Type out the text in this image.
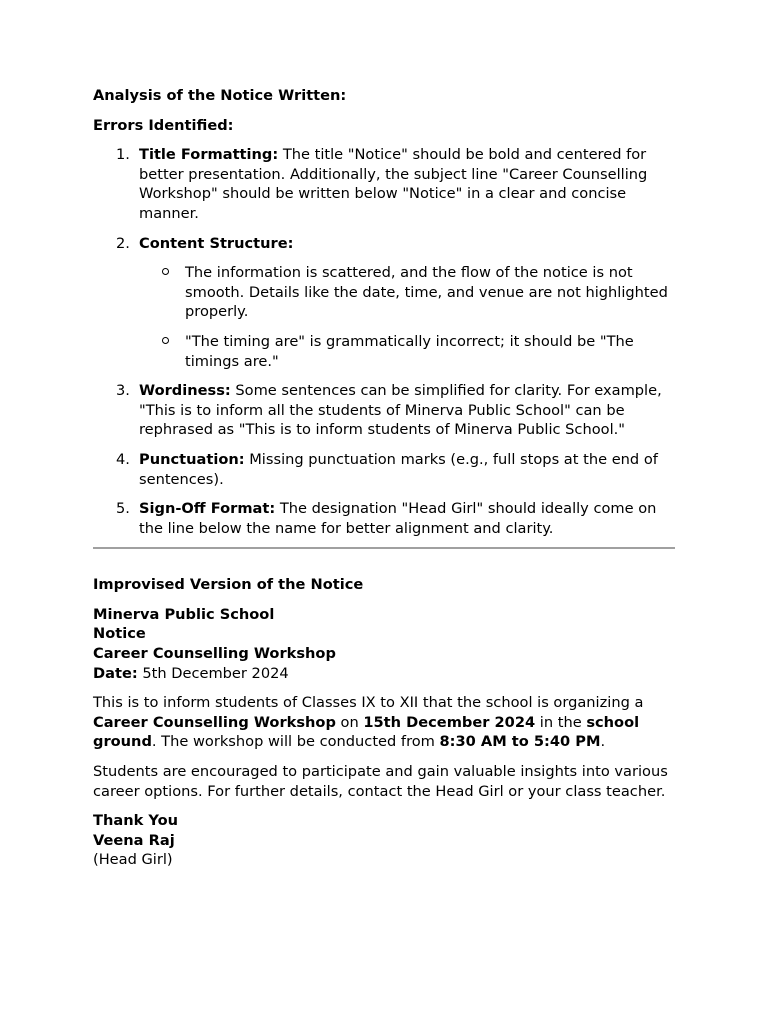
Analysis of the Notice Written:

Errors Identified:

1. Title Formatting: The title "Notice" should be bold and centered for better presentation. Additionally, the subject line "Career Counselling Workshop" should be written below "Notice" in a clear and concise manner.
2. Content Structure:
The information is scattered, and the flow of the notice is not smooth. Details like the date, time, and venue are not highlighted properly.
"The timing are" is grammatically incorrect; it should be "The timings are."
3. Wordiness: Some sentences can be simplified for clarity. For example, "This is to inform all the students of Minerva Public School" can be rephrased as "This is to inform students of Minerva Public School."
4. Punctuation: Missing punctuation marks (e.g., full stops at the end of sentences).
5. Sign-Off Format: The designation "Head Girl" should ideally come on the line below the name for better alignment and clarity.

Improvised Version of the Notice

Minerva Public School
Notice
Career Counselling Workshop
Date: 5th December 2024

This is to inform students of Classes IX to XII that the school is organizing a Career Counselling Workshop on 15th December 2024 in the school ground. The workshop will be conducted from 8:30 AM to 5:40 PM.

Students are encouraged to participate and gain valuable insights into various career options. For further details, contact the Head Girl or your class teacher.

Thank You
Veena Raj
(Head Girl)
